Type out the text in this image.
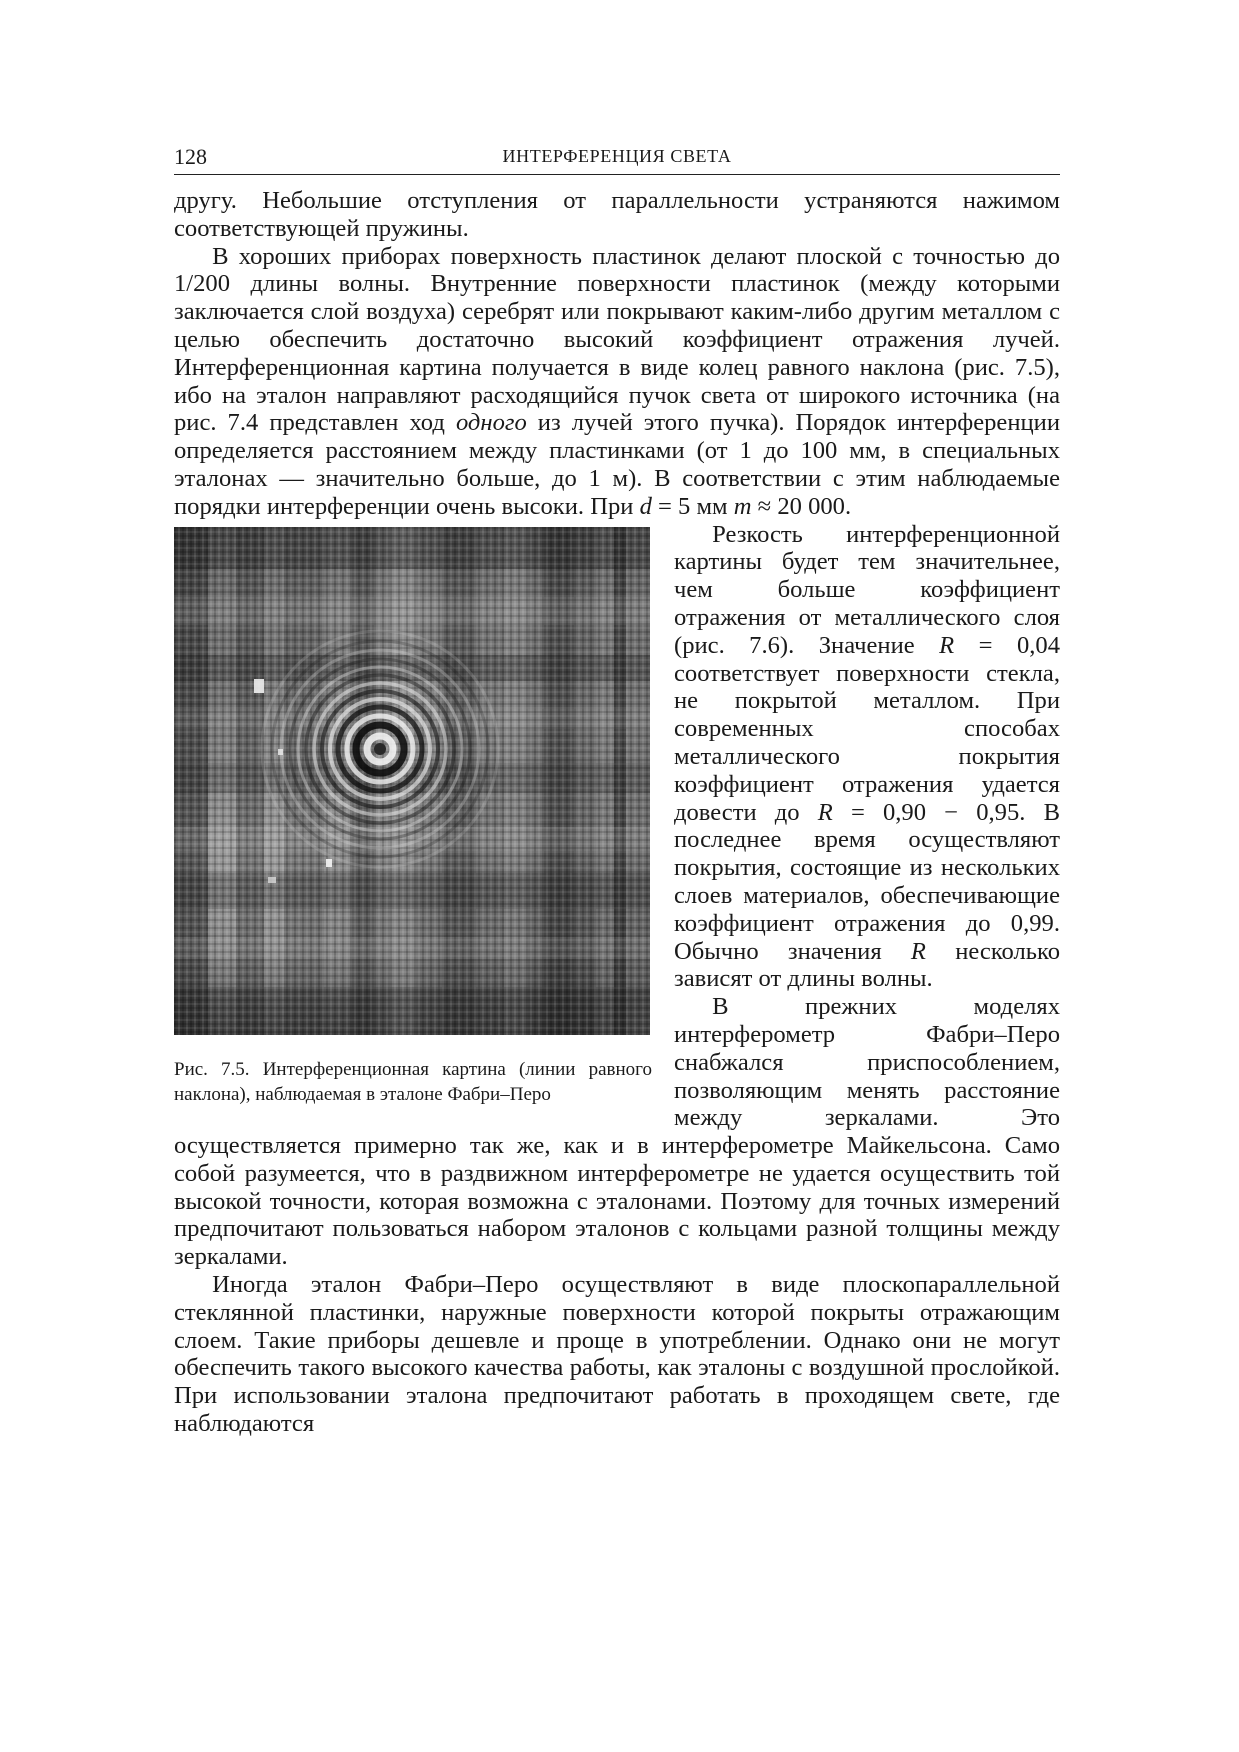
128	ИНТЕРФЕРЕНЦИЯ СВЕТА

другу. Небольшие отступления от параллельности устраняются нажимом соответствующей пружины.

В хороших приборах поверхность пластинок делают плоской с точностью до 1/200 длины волны. Внутренние поверхности пластинок (между которыми заключается слой воздуха) серебрят или покрывают каким-либо другим металлом с целью обеспечить достаточно высокий коэффициент отражения лучей. Интерференционная картина получается в виде колец равного наклона (рис. 7.5), ибо на эталон направляют расходящийся пучок света от широкого источника (на рис. 7.4 представлен ход одного из лучей этого пучка). Порядок интерференции определяется расстоянием между пластинками (от 1 до 100 мм, в специальных эталонах — значительно больше, до 1 м). В соответствии с этим наблюдаемые порядки интерференции очень высоки. При d = 5 мм m ≈ 20 000.

Рис. 7.5. Интерференционная картина (линии равного наклона), наблюдаемая в эталоне Фабри–Перо

Резкость интерференционной картины будет тем значительнее, чем больше коэффициент отражения от металлического слоя (рис. 7.6). Значение R = 0,04 соответствует поверхности стекла, не покрытой металлом. При современных способах металлического покрытия коэффициент отражения удается довести до R = 0,90 − 0,95. В последнее время осуществляют покрытия, состоящие из нескольких слоев материалов, обеспечивающие коэффициент отражения до 0,99. Обычно значения R несколько зависят от длины волны.

В прежних моделях интерферометр Фабри–Перо снабжался приспособлением, позволяющим менять расстояние между зеркалами. Это осуществляется примерно так же, как и в интерферометре Майкельсона. Само собой разумеется, что в раздвижном интерферометре не удается осуществить той высокой точности, которая возможна с эталонами. Поэтому для точных измерений предпочитают пользоваться набором эталонов с кольцами разной толщины между зеркалами.

Иногда эталон Фабри–Перо осуществляют в виде плоскопараллельной стеклянной пластинки, наружные поверхности которой покрыты отражающим слоем. Такие приборы дешевле и проще в употреблении. Однако они не могут обеспечить такого высокого качества работы, как эталоны с воздушной прослойкой. При использовании эталона предпочитают работать в проходящем свете, где наблюдаются
